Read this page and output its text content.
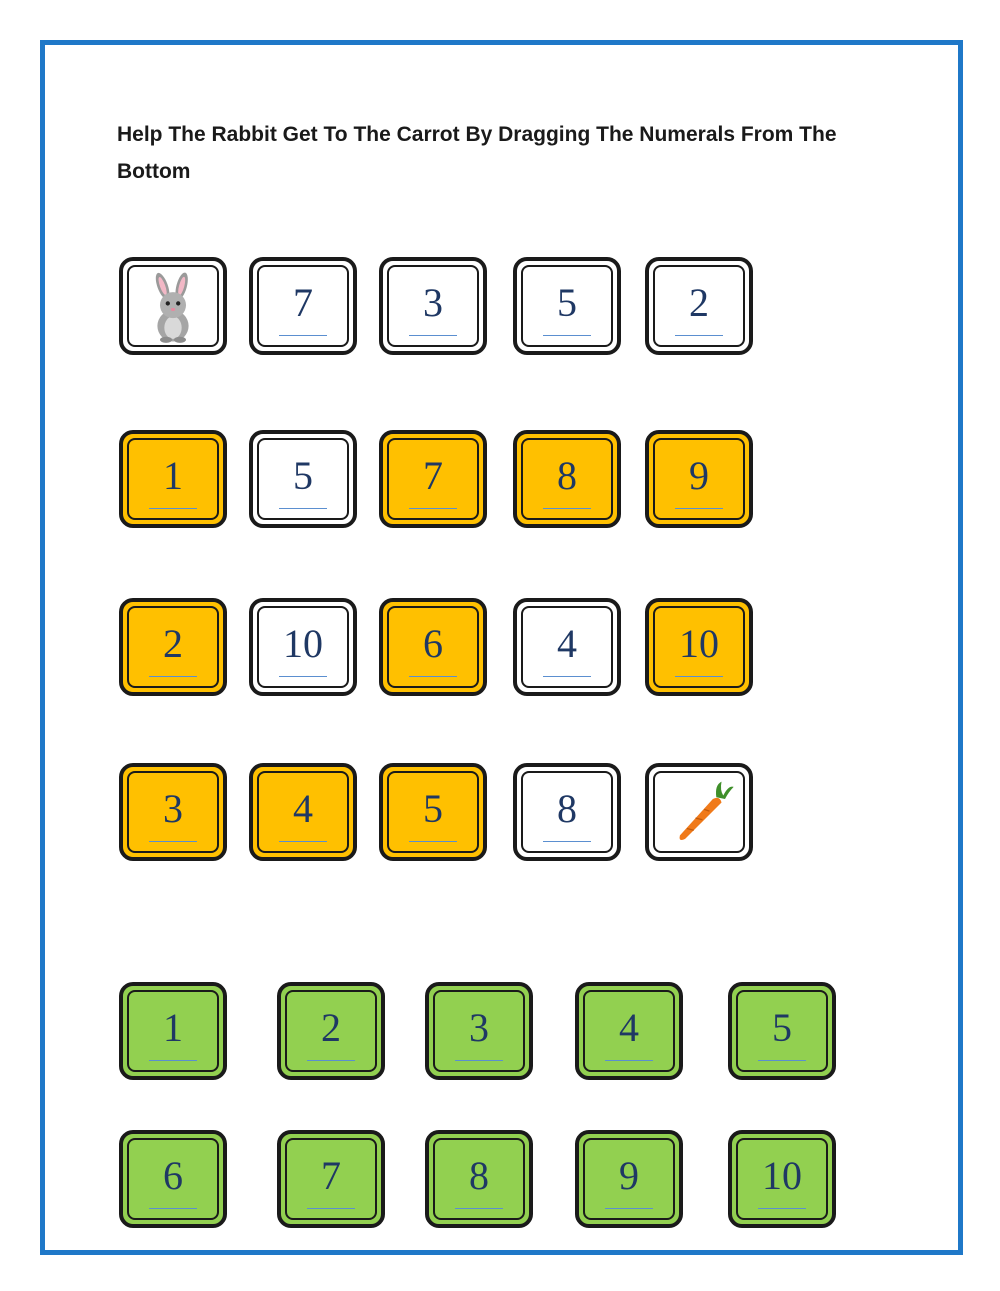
Help The Rabbit Get To The Carrot By Dragging The Numerals From The Bottom
7	3	5	2
1	5	7	8	9
2	10	6	4	10
3	4	5	8
1	2	3	4	5
6	7	8	9	10
